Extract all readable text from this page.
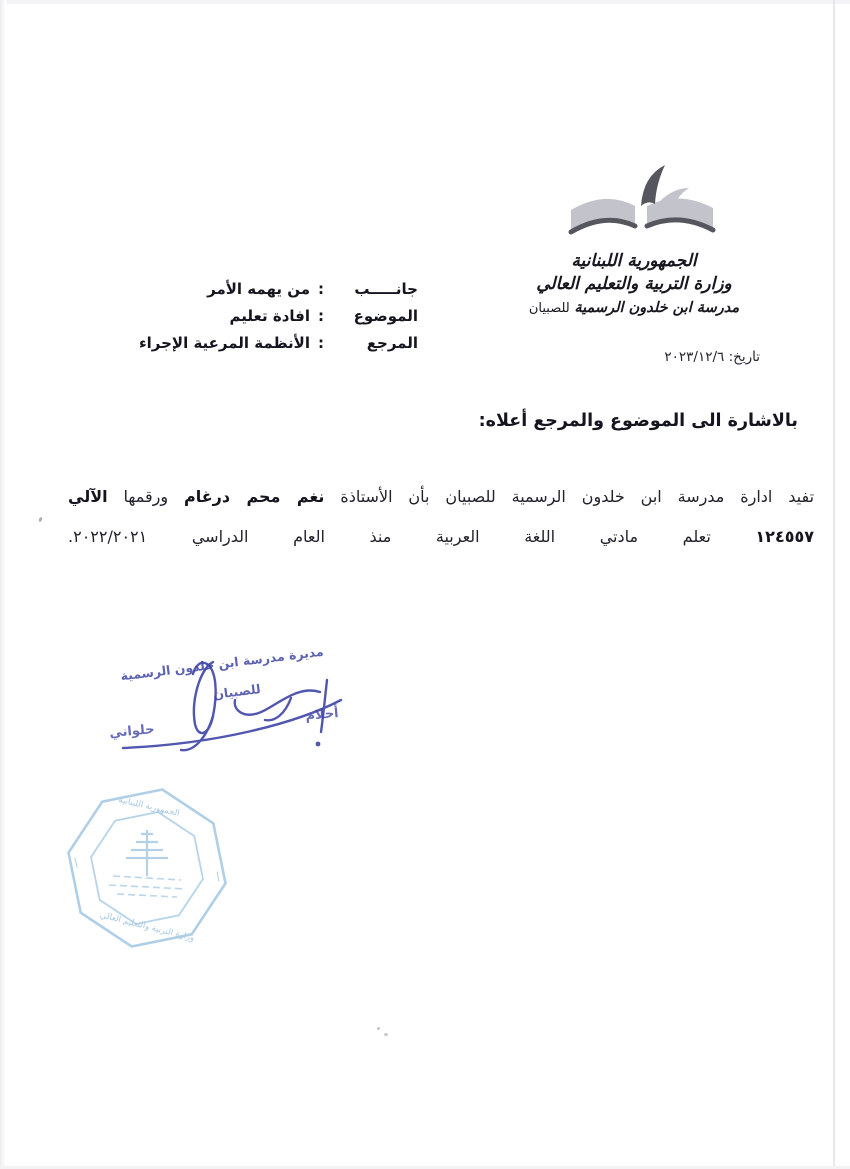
الجمهورية اللبنانية
وزارة التربية والتعليم العالي
مدرسة ابن خلدون الرسمية للصبيان
تاريخ: ٢٠٢٣/١٢/٦
جانـــــب
:
من يهمه الأمر
الموضوع
:
افادة تعليم
المرجع
:
الأنظمة المرعية الإجراء
بالاشارة الى الموضوع والمرجع أعلاه:
تفيد ادارة مدرسة ابن خلدون الرسمية للصبيان بأن الأستاذة نغم محم درغام ورقمها الآلي
١٢٤٥٥٧ تعلم مادتي اللغة العربية منذ العام الدراسي ٢٠٢٢/٢٠٢١.
مديرة مدرسة ابن خلدون الرسمية
للصبيان
أحلام حلواني
الجمهورية اللبنانية
وزارة التربية والتعليم العالي
